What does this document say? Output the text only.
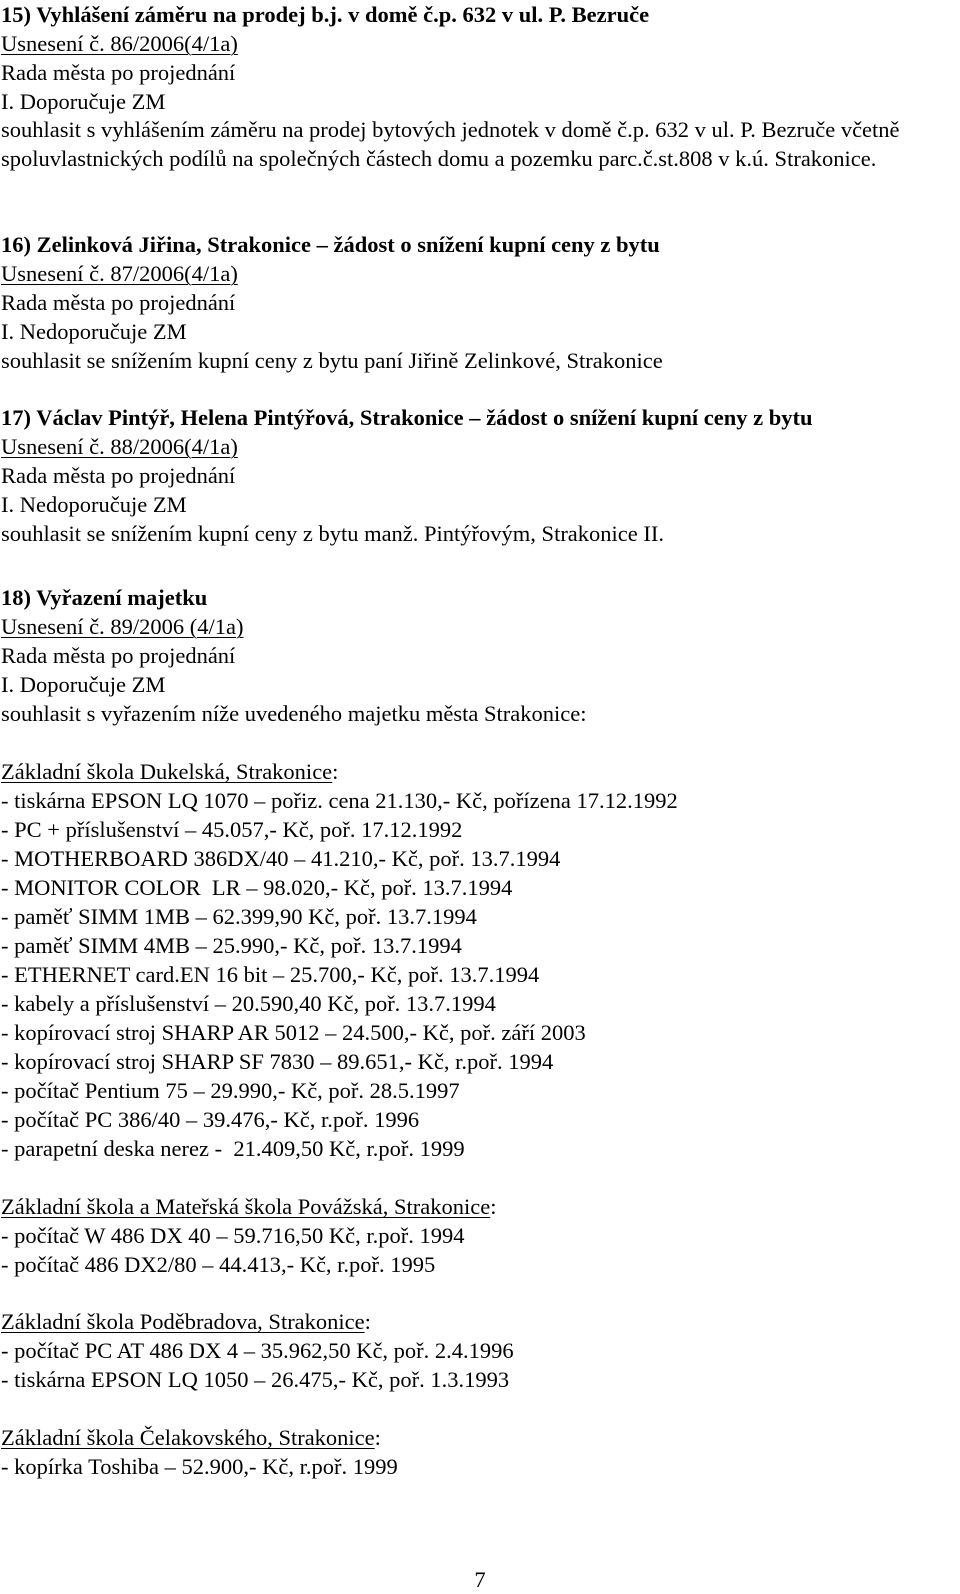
15) Vyhlášení záměru na prodej b.j. v domě č.p. 632 v ul. P. Bezruče

Usnesení č. 86/2006(4/1a)

Rada města po projednání

I. Doporučuje ZM

souhlasit s vyhlášením záměru na prodej bytových jednotek v domě č.p. 632 v ul. P. Bezruče včetně spoluvlastnických podílů na společných částech domu a pozemku parc.č.st.808 v k.ú. Strakonice.

16) Zelinková Jiřina, Strakonice – žádost o snížení kupní ceny z bytu

Usnesení č. 87/2006(4/1a)

Rada města po projednání

I. Nedoporučuje ZM

souhlasit se snížením kupní ceny z bytu paní Jiřině Zelinkové, Strakonice

17) Václav Pintýř, Helena Pintýřová, Strakonice – žádost o snížení kupní ceny z bytu

Usnesení č. 88/2006(4/1a)

Rada města po projednání

I. Nedoporučuje ZM

souhlasit se snížením kupní ceny z bytu manž. Pintýřovým, Strakonice II.

18) Vyřazení majetku

Usnesení č. 89/2006 (4/1a)

Rada města po projednání

I. Doporučuje ZM

souhlasit s vyřazením níže uvedeného majetku města Strakonice:

Základní škola Dukelská, Strakonice:

- tiskárna EPSON LQ 1070 – pořiz. cena 21.130,- Kč, pořízena 17.12.1992

- PC + příslušenství – 45.057,- Kč, poř. 17.12.1992

- MOTHERBOARD 386DX/40 – 41.210,- Kč, poř. 13.7.1994

- MONITOR COLOR  LR – 98.020,- Kč, poř. 13.7.1994

- paměť SIMM 1MB – 62.399,90 Kč, poř. 13.7.1994

- paměť SIMM 4MB – 25.990,- Kč, poř. 13.7.1994

- ETHERNET card.EN 16 bit – 25.700,- Kč, poř. 13.7.1994

- kabely a příslušenství – 20.590,40 Kč, poř. 13.7.1994

- kopírovací stroj SHARP AR 5012 – 24.500,- Kč, poř. září 2003

- kopírovací stroj SHARP SF 7830 – 89.651,- Kč, r.poř. 1994

- počítač Pentium 75 – 29.990,- Kč, poř. 28.5.1997

- počítač PC 386/40 – 39.476,- Kč, r.poř. 1996

- parapetní deska nerez -  21.409,50 Kč, r.poř. 1999

Základní škola a Mateřská škola Povážská, Strakonice:

- počítač W 486 DX 40 – 59.716,50 Kč, r.poř. 1994

- počítač 486 DX2/80 – 44.413,- Kč, r.poř. 1995

Základní škola Poděbradova, Strakonice:

- počítač PC AT 486 DX 4 – 35.962,50 Kč, poř. 2.4.1996

- tiskárna EPSON LQ 1050 – 26.475,- Kč, poř. 1.3.1993

Základní škola Čelakovského, Strakonice:

- kopírka Toshiba – 52.900,- Kč, r.poř. 1999

7
